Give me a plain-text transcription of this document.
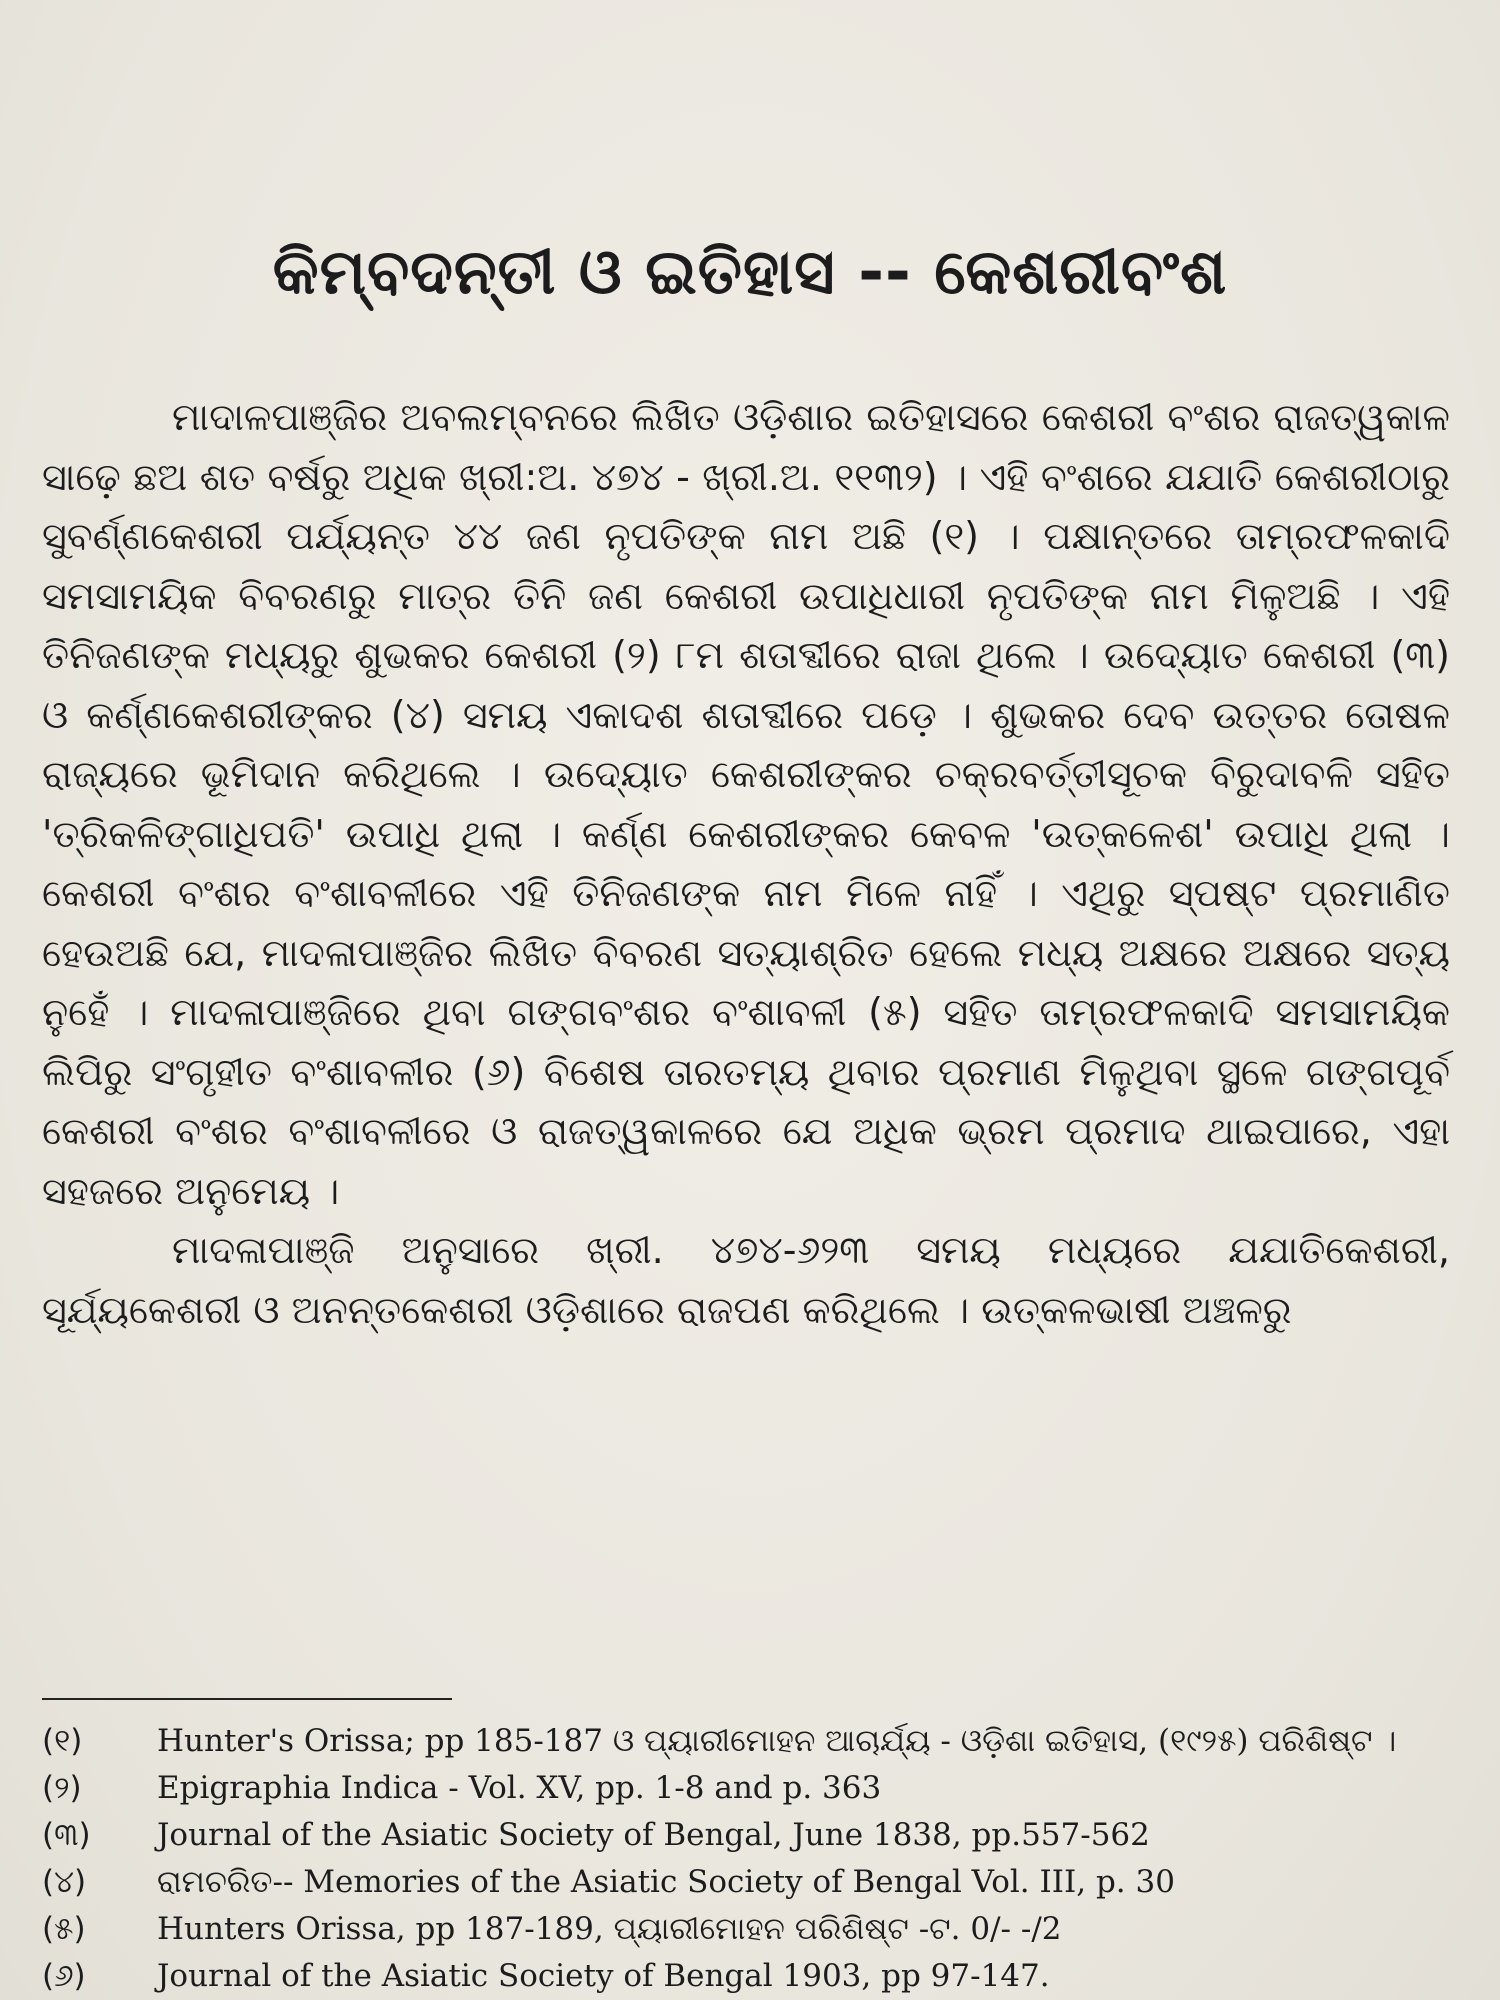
କିମ୍ବଦନ୍ତୀ ଓ ଇତିହାସ -- କେଶରୀବଂଶ

ମାଦାଳପାଞ୍ଜିର ଅବଲମ୍ବନରେ ଲିଖିତ ଓଡ଼ିଶାର ଇତିହାସରେ କେଶରୀ ବଂଶର ରାଜତ୍ୱକାଳ ସାଢ଼େ ଛଅ ଶତ ବର୍ଷରୁ ଅଧିକ ଖ୍ରୀ:ଅ. ୪୭୪ - ଖ୍ରୀ.ଅ. ୧୧୩୨) । ଏହି ବଂଶରେ ଯଯାତି କେଶରୀଠାରୁ ସୁବର୍ଣ୍ଣକେଶରୀ ପର୍ଯ୍ୟନ୍ତ ୪୪ ଜଣ ନୃପତିଙ୍କ ନାମ ଅଛି (୧) । ପକ୍ଷାନ୍ତରେ ତାମ୍ରଫଳକାଦି ସମସାମୟିକ ବିବରଣରୁ ମାତ୍ର ତିନି ଜଣ କେଶରୀ ଉପାଧିଧାରୀ ନୃପତିଙ୍କ ନାମ ମିଳୁଅଛି । ଏହି ତିନିଜଣଙ୍କ ମଧ୍ୟରୁ ଶୁଭକର କେଶରୀ (୨) ୮ମ ଶତାବ୍ଦୀରେ ରାଜା ଥିଲେ । ଉଦ୍ୟୋତ କେଶରୀ (୩) ଓ କର୍ଣ୍ଣକେଶରୀଙ୍କର (୪) ସମୟ ଏକାଦଶ ଶତାବ୍ଦୀରେ ପଡ଼େ । ଶୁଭକର ଦେବ ଉତ୍ତର ତୋଷଳ ରାଜ୍ୟରେ ଭୂମିଦାନ କରିଥିଲେ । ଉଦ୍ୟୋତ କେଶରୀଙ୍କର ଚକ୍ରବର୍ତ୍ତୀସୂଚକ ବିରୁଦାବଳି ସହିତ 'ତ୍ରିକଳିଙ୍ଗାଧିପତି' ଉପାଧି ଥିଲା । କର୍ଣ୍ଣ କେଶରୀଙ୍କର କେବଳ 'ଉତ୍କଳେଶ' ଉପାଧି ଥିଲା । କେଶରୀ ବଂଶର ବଂଶାବଳୀରେ ଏହି ତିନିଜଣଙ୍କ ନାମ ମିଳେ ନାହିଁ । ଏଥିରୁ ସ୍ପଷ୍ଟ ପ୍ରମାଣିତ ହେଉଅଛି ଯେ, ମାଦଳାପାଞ୍ଜିର ଲିଖିତ ବିବରଣ ସତ୍ୟାଶ୍ରିତ ହେଲେ ମଧ୍ୟ ଅକ୍ଷରେ ଅକ୍ଷରେ ସତ୍ୟ ନୁହେଁ । ମାଦଳାପାଞ୍ଜିରେ ଥିବା ଗଙ୍ଗବଂଶର ବଂଶାବଳୀ (୫) ସହିତ ତାମ୍ରଫଳକାଦି ସମସାମୟିକ ଲିପିରୁ ସଂଗୃହୀତ ବଂଶାବଳୀର (୬) ବିଶେଷ ତାରତମ୍ୟ ଥିବାର ପ୍ରମାଣ ମିଳୁଥିବା ସ୍ଥଳେ ଗଙ୍ଗପୂର୍ବ କେଶରୀ ବଂଶର ବଂଶାବଳୀରେ ଓ ରାଜତ୍ୱକାଳରେ ଯେ ଅଧିକ ଭ୍ରମ ପ୍ରମାଦ ଥାଇପାରେ, ଏହା ସହଜରେ ଅନୁମେୟ ।

ମାଦଳାପାଞ୍ଜି ଅନୁସାରେ ଖ୍ରୀ. ୪୭୪-୬୨୩ ସମୟ ମଧ୍ୟରେ ଯଯାତିକେଶରୀ, ସୂର୍ଯ୍ୟକେଶରୀ ଓ ଅନନ୍ତକେଶରୀ ଓଡ଼ିଶାରେ ରାଜପଣ କରିଥିଲେ । ଉତ୍କଳଭାଷୀ ଅଞ୍ଚଳରୁ

(୧)	Hunter's Orissa; pp 185-187 ଓ ପ୍ୟାରୀମୋହନ ଆଚାର୍ଯ୍ୟ - ଓଡ଼ିଶା ଇତିହାସ, (୧୯୨୫) ପରିଶିଷ୍ଟ ।
(୨)	Epigraphia Indica - Vol. XV, pp. 1-8 and p. 363
(୩)	Journal of the Asiatic Society of Bengal, June 1838, pp.557-562
(୪)	ରାମଚରିତ-- Memories of the Asiatic Society of Bengal Vol. III, p. 30
(୫)	Hunters Orissa, pp 187-189, ପ୍ୟାରୀମୋହନ ପରିଶିଷ୍ଟ -ଟ. 0/- -/2
(୬)	Journal of the Asiatic Society of Bengal 1903, pp 97-147.
